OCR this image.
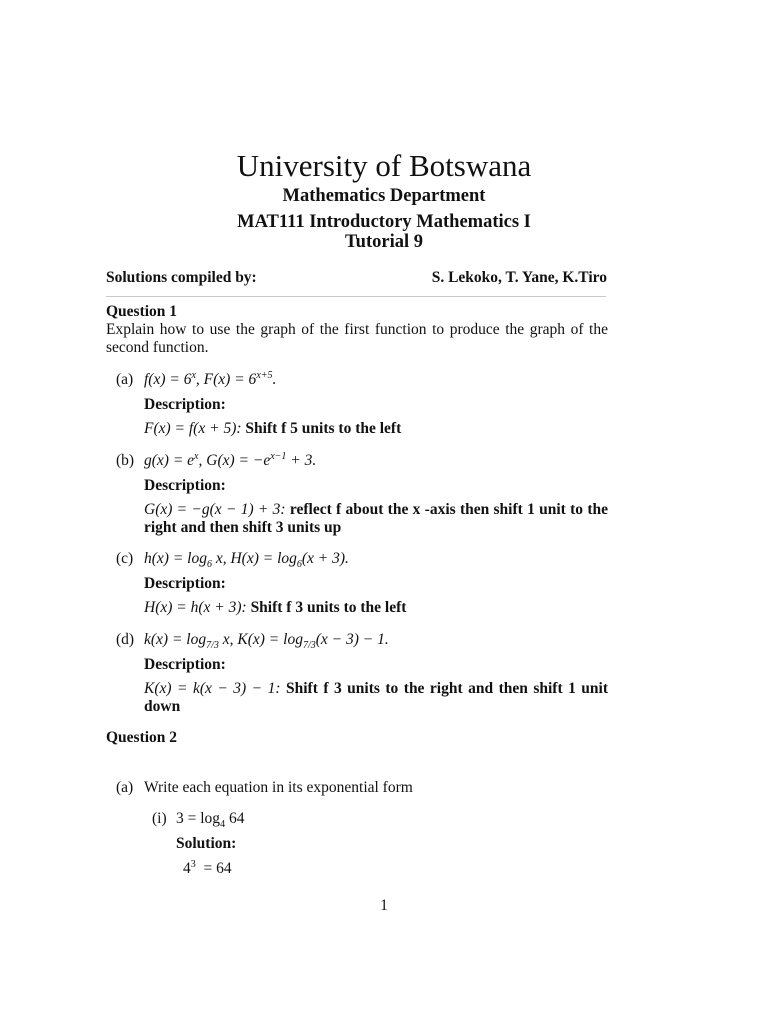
University of Botswana
Mathematics Department
MAT111 Introductory Mathematics I
Tutorial 9
Solutions compiled by:	S. Lekoko, T. Yane, K.Tiro
Question 1
Explain how to use the graph of the first function to produce the graph of the second function.
(a) $f(x) = 6^x$, $F(x) = 6^{x+5}$.
Description:
F(x) = f(x + 5): Shift f 5 units to the left
(b) $g(x) = e^x$, $G(x) = -e^{x-1} + 3$.
Description:
G(x) = −g(x − 1) + 3: reflect f about the x -axis then shift 1 unit to the right and then shift 3 units up
(c) $h(x) = \log_6 x$, $H(x) = \log_6(x + 3)$.
Description:
H(x) = h(x + 3): Shift f 3 units to the left
(d) $k(x) = \log_{7/3} x$, $K(x) = \log_{7/3}(x - 3) - 1$.
Description:
K(x) = k(x − 3) − 1: Shift f 3 units to the right and then shift 1 unit down
Question 2
(a) Write each equation in its exponential form
(i) $3 = \log_4 64$
Solution:
$4^3 = 64$
1
